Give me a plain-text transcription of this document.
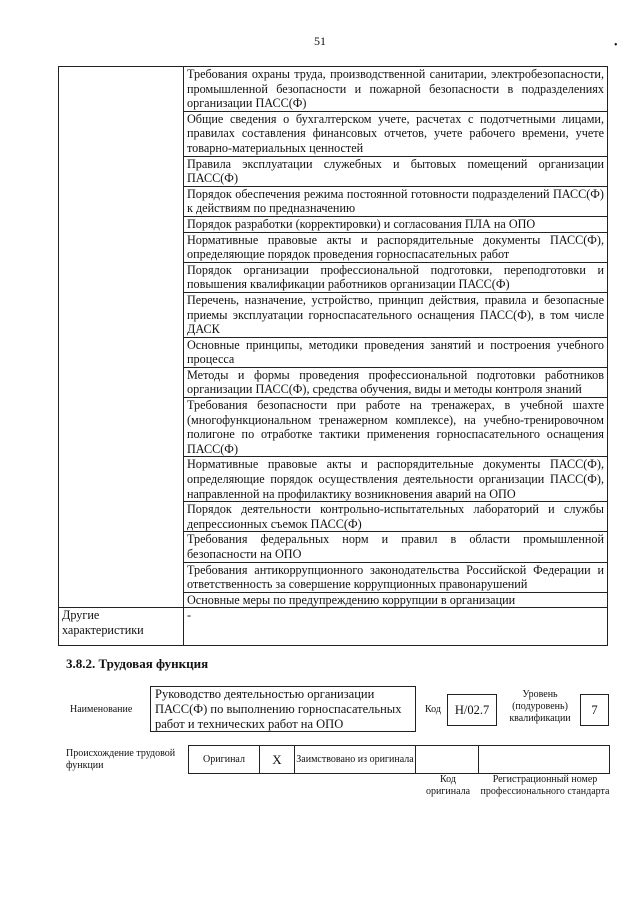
51	•
	Требования охраны труда, производственной санитарии, электробезопасности, промышленной безопасности и пожарной безопасности в подразделениях организации ПАСС(Ф)
	Общие сведения о бухгалтерском учете, расчетах с подотчетными лицами, правилах составления финансовых отчетов, учете рабочего времени, учете товарно-материальных ценностей
	Правила эксплуатации служебных и бытовых помещений организации ПАСС(Ф)
	Порядок обеспечения режима постоянной готовности подразделений ПАСС(Ф) к действиям по предназначению
	Порядок разработки (корректировки) и согласования ПЛА на ОПО
	Нормативные правовые акты и распорядительные документы ПАСС(Ф), определяющие порядок проведения горноспасательных работ
	Порядок организации профессиональной подготовки, переподготовки и повышения квалификации работников организации ПАСС(Ф)
	Перечень, назначение, устройство, принцип действия, правила и безопасные приемы эксплуатации горноспасательного оснащения ПАСС(Ф), в том числе ДАСК
	Основные принципы, методики проведения занятий и построения учебного процесса
	Методы и формы проведения профессиональной подготовки работников организации ПАСС(Ф), средства обучения, виды и методы контроля знаний
	Требования безопасности при работе на тренажерах, в учебной шахте (многофункциональном тренажерном комплексе), на учебно-тренировочном полигоне по отработке тактики применения горноспасательного оснащения ПАСС(Ф)
	Нормативные правовые акты и распорядительные документы ПАСС(Ф), определяющие порядок осуществления деятельности организации ПАСС(Ф), направленной на профилактику возникновения аварий на ОПО
	Порядок деятельности контрольно-испытательных лабораторий и службы депрессионных съемок ПАСС(Ф)
	Требования федеральных норм и правил в области промышленной безопасности на ОПО
	Требования антикоррупционного законодательства Российской Федерации и ответственность за совершение коррупционных правонарушений
	Основные меры по предупреждению коррупции в организации
Другие характеристики	-
3.8.2. Трудовая функция
Наименование
Руководство деятельностью организации ПАСС(Ф) по выполнению горноспасательных работ и технических работ на ОПО
Код	Н/02.7
Уровень (подуровень) квалификации
7
Происхождение трудовой функции
Оригинал	X	Заимствовано из оригинала		
Код оригинала
Регистрационный номер профессионального стандарта
